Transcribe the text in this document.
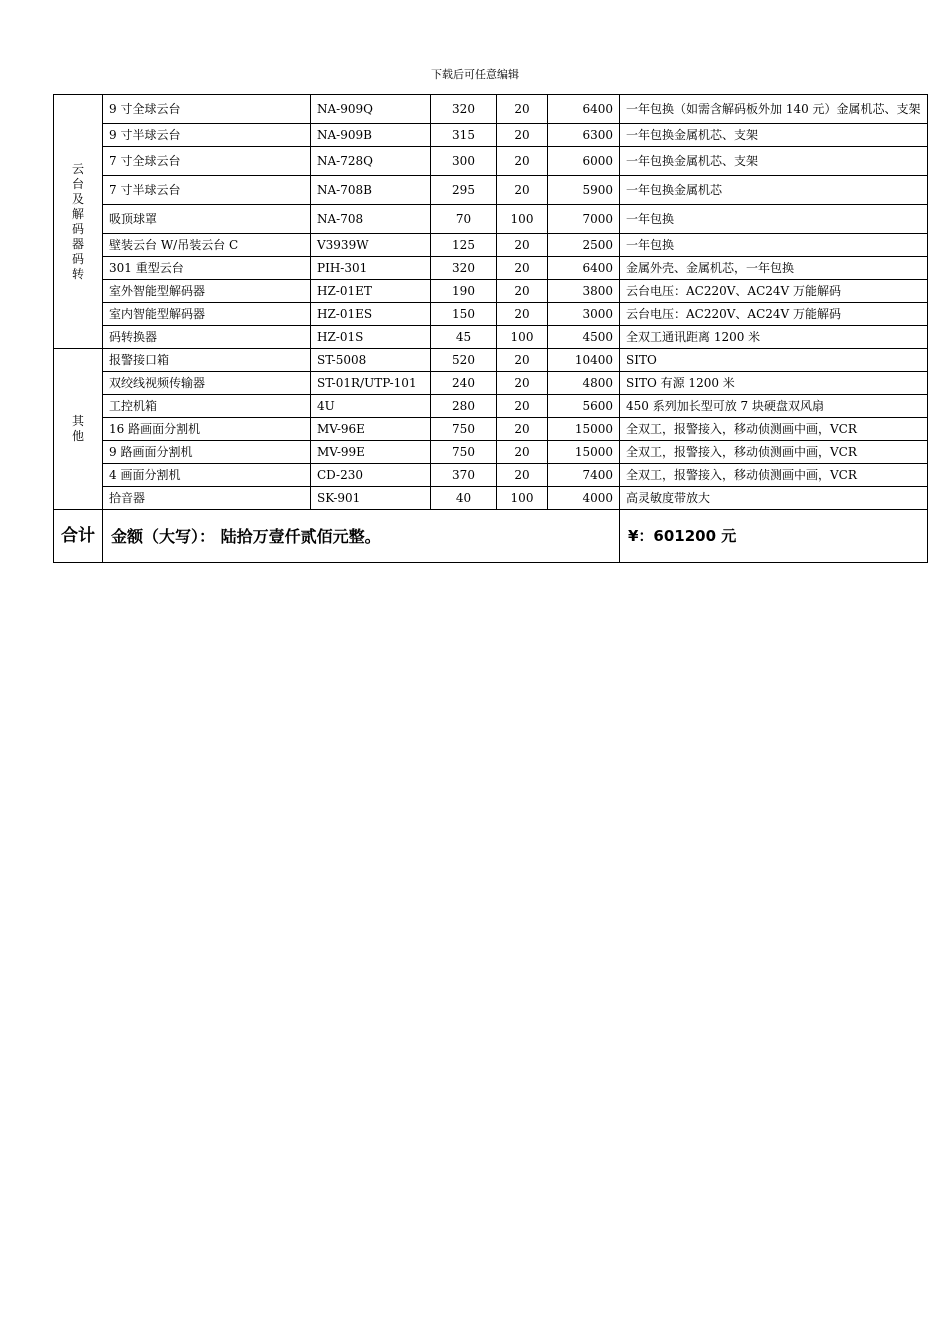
下载后可任意编辑
云台及解码器码转	9 寸全球云台	NA-909Q	320	20	6400	一年包换（如需含解码板外加 140 元）金属机芯、支架
	9 寸半球云台	NA-909B	315	20	6300	一年包换金属机芯、支架
	7 寸全球云台	NA-728Q	300	20	6000	一年包换金属机芯、支架
	7 寸半球云台	NA-708B	295	20	5900	一年包换金属机芯
	吸顶球罩	NA-708	70	100	7000	一年包换
	壁装云台 W/吊装云台 C	V3939W	125	20	2500	一年包换
	301 重型云台	PIH-301	320	20	6400	金属外壳、金属机芯，一年包换
	室外智能型解码器	HZ-01ET	190	20	3800	云台电压：AC220V、AC24V 万能解码
	室内智能型解码器	HZ-01ES	150	20	3000	云台电压：AC220V、AC24V 万能解码
	码转换器	HZ-01S	45	100	4500	全双工通讯距离 1200 米
其他	报警接口箱	ST-5008	520	20	10400	SITO
	双绞线视频传输器	ST-01R/UTP-101	240	20	4800	SITO 有源 1200 米
	工控机箱	4U	280	20	5600	450 系列加长型可放 7 块硬盘双风扇
	16 路画面分割机	MV-96E	750	20	15000	全双工，报警接入，移动侦测画中画，VCR
	9 路画面分割机	MV-99E	750	20	15000	全双工，报警接入，移动侦测画中画，VCR
	4 画面分割机	CD-230	370	20	7400	全双工，报警接入，移动侦测画中画，VCR
	拾音器	SK-901	40	100	4000	高灵敏度带放大
合计	金额（大写）： 陆拾万壹仟贰佰元整。					¥：601200 元
